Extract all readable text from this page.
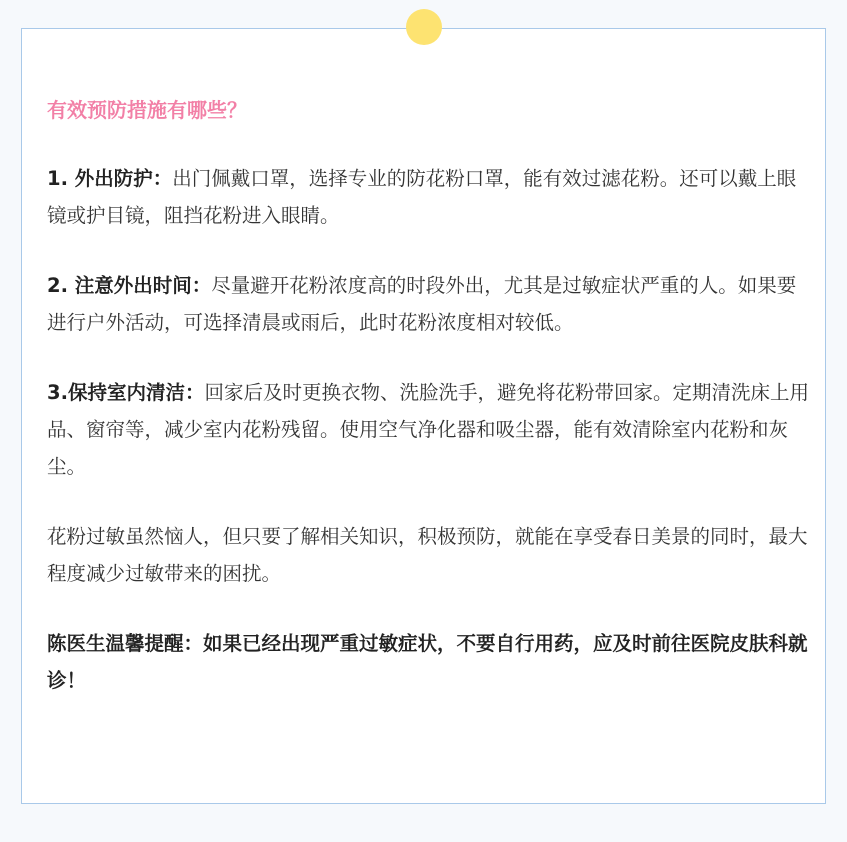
有效预防措施有哪些？

1. 外出防护：出门佩戴口罩，选择专业的防花粉口罩，能有效过滤花粉。还可以戴上眼镜或护目镜，阻挡花粉进入眼睛。

2. 注意外出时间：尽量避开花粉浓度高的时段外出，尤其是过敏症状严重的人。如果要进行户外活动，可选择清晨或雨后，此时花粉浓度相对较低。

3.保持室内清洁：回家后及时更换衣物、洗脸洗手，避免将花粉带回家。定期清洗床上用品、窗帘等，减少室内花粉残留。使用空气净化器和吸尘器，能有效清除室内花粉和灰尘。

花粉过敏虽然恼人，但只要了解相关知识，积极预防，就能在享受春日美景的同时，最大程度减少过敏带来的困扰。

陈医生温馨提醒：如果已经出现严重过敏症状，不要自行用药，应及时前往医院皮肤科就诊！
